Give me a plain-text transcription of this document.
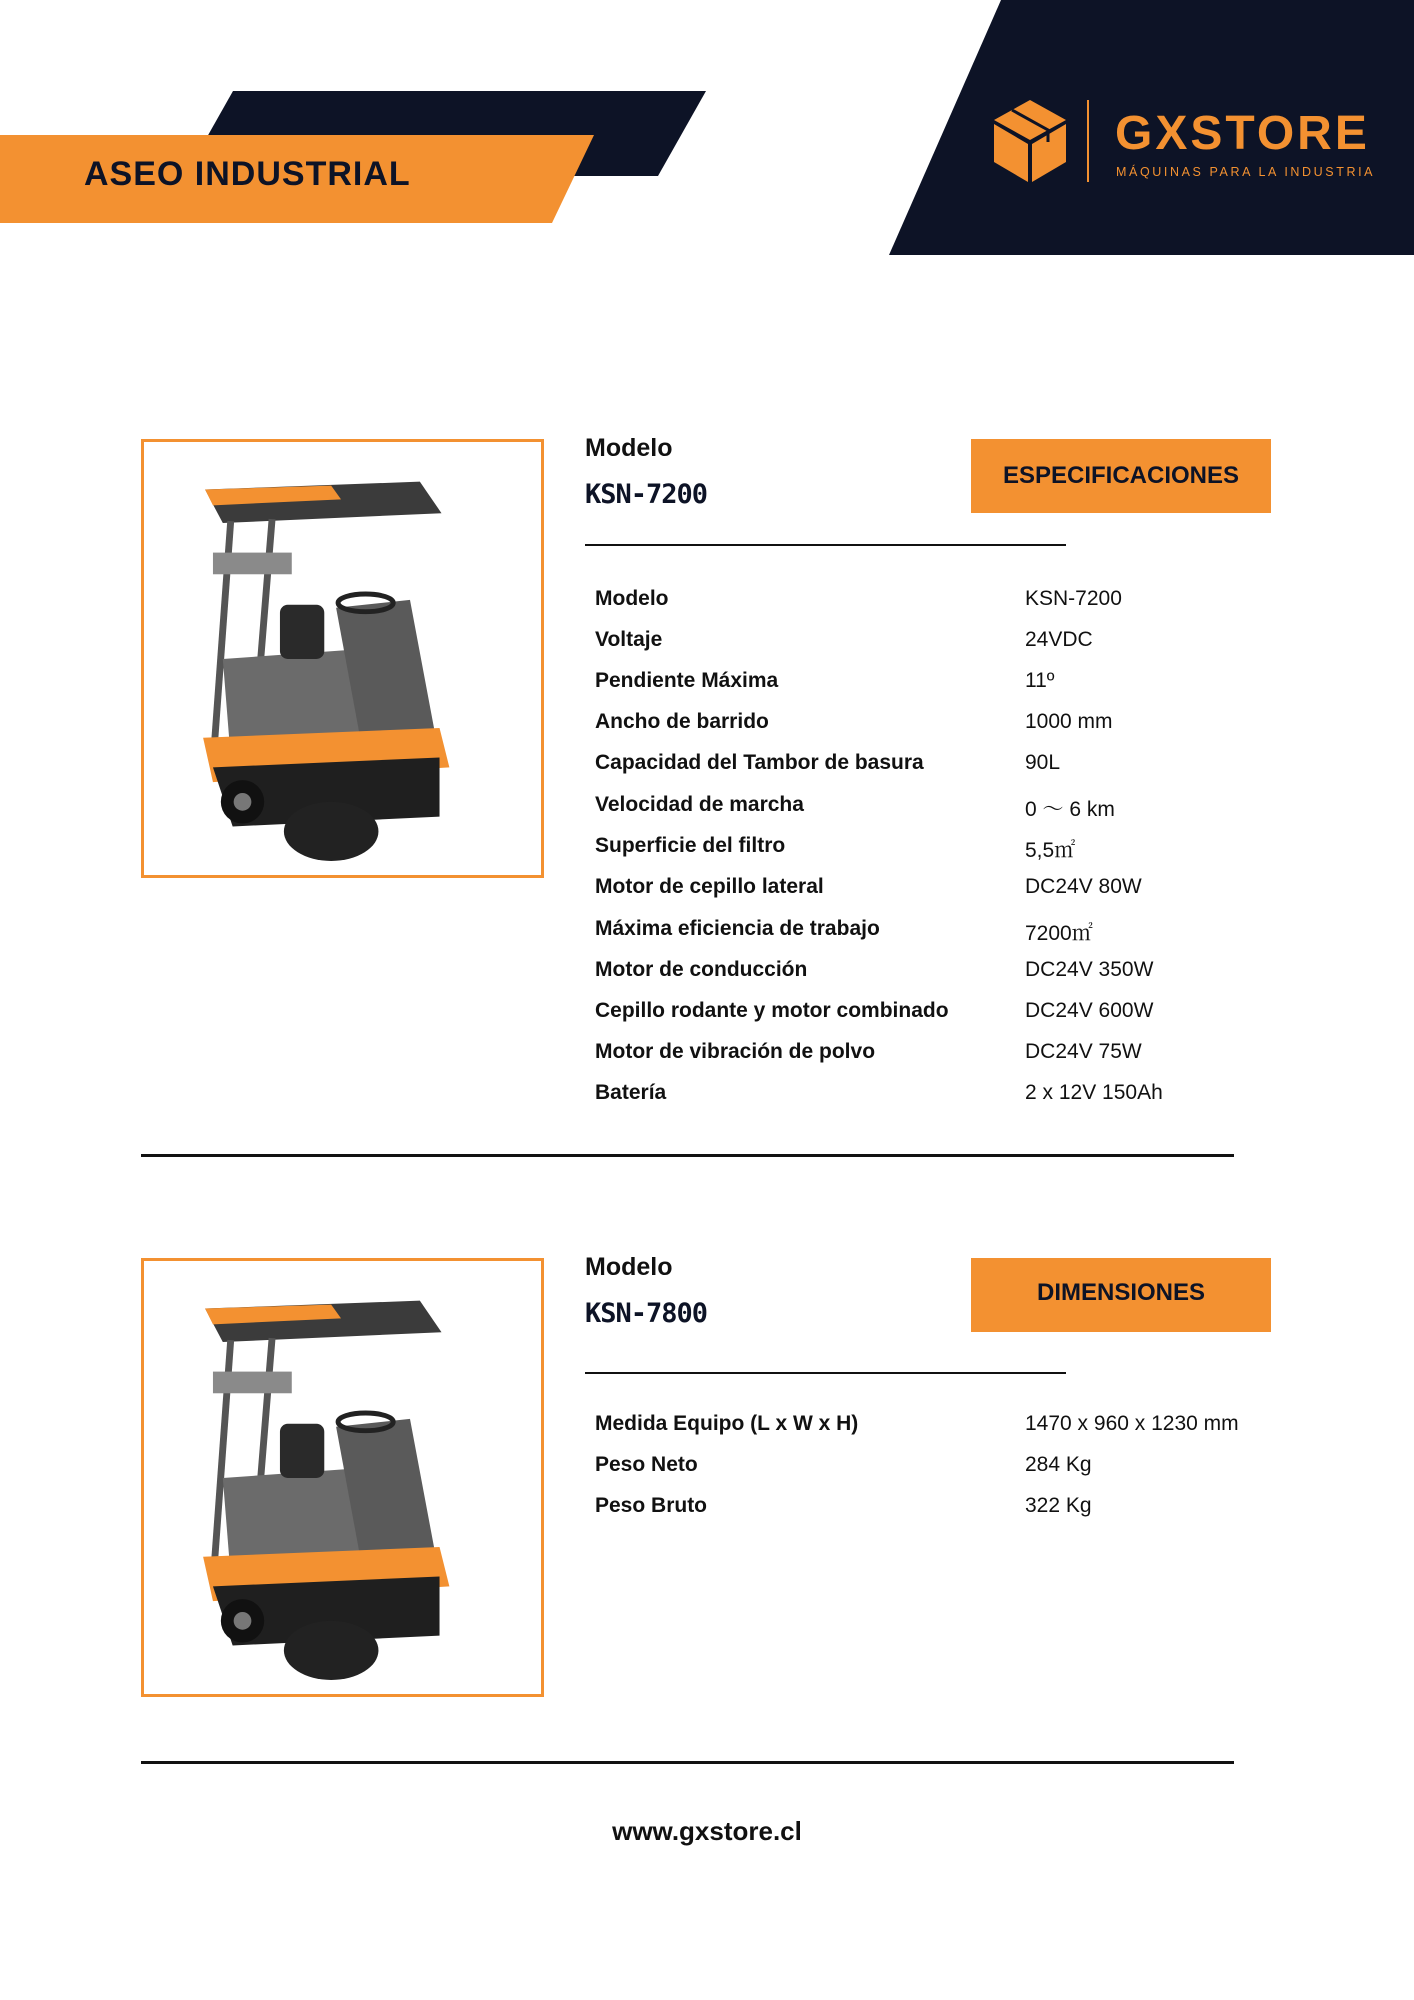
ASEO INDUSTRIAL
GXSTORE
MÁQUINAS PARA LA INDUSTRIA
Modelo
KSN-7200
ESPECIFICACIONES
Modelo	KSN-7200
Voltaje	24VDC
Pendiente Máxima	11º
Ancho de barrido	1000 mm
Capacidad del Tambor de basura	90L
Velocidad de marcha	0 ～ 6 km
Superficie del filtro	5,5㎡
Motor de cepillo lateral	DC24V 80W
Máxima eficiencia de trabajo	7200㎡
Motor de conducción	DC24V 350W
Cepillo rodante y motor combinado	DC24V 600W
Motor de vibración de polvo	DC24V 75W
Batería	2 x 12V 150Ah
Modelo
KSN-7800
DIMENSIONES
Medida Equipo (L x W x H)	1470 x 960 x 1230 mm
Peso Neto	284 Kg
Peso Bruto	322 Kg
www.gxstore.cl
